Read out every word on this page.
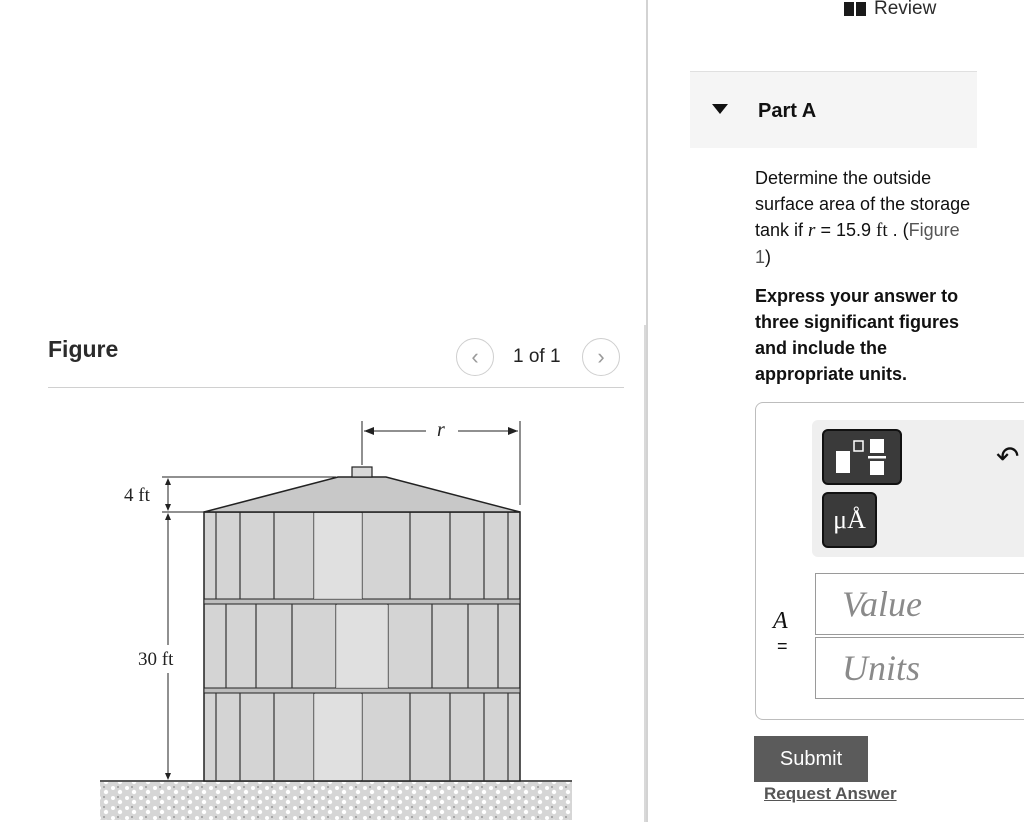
Figure	‹ 1 of 1 ›
r
4 ft
30 ft
Review
Part A
Determine the outside surface area of the storage tank if r = 15.9 ft . (Figure 1)
Express your answer to three significant figures and include the appropriate units.
μÅ
↶
A
=
Value
Units
Submit
Request Answer
